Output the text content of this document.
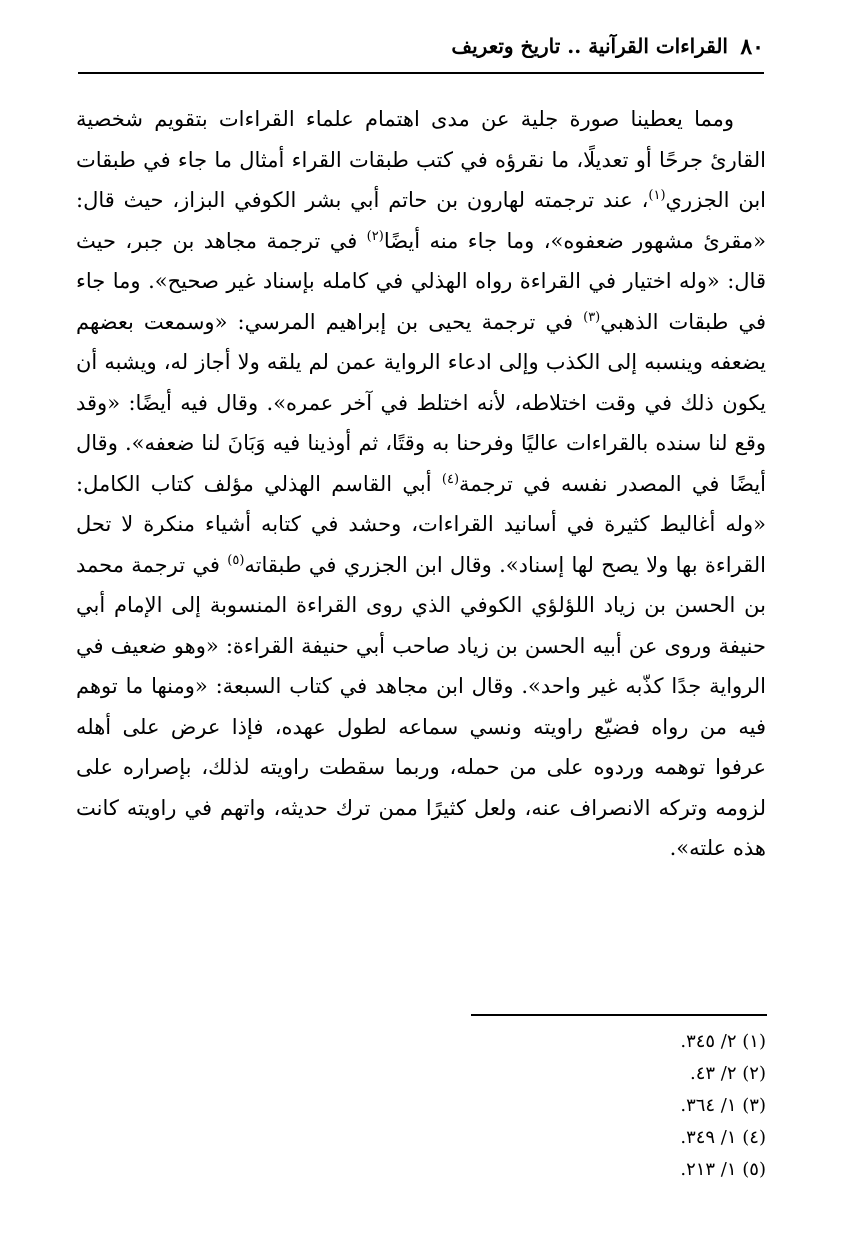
٨٠
القراءات القرآنية .. تاريخ وتعريف

ومما يعطينا صورة جلية عن مدى اهتمام علماء القراءات بتقويم شخصية القارئ جرحًا أو تعديلًا، ما نقرؤه في كتب طبقات القراء أمثال ما جاء في طبقات ابن الجزري$^{(١)}$، عند ترجمته لهارون بن حاتم أبي بشر الكوفي البزاز، حيث قال: «مقرئ مشهور ضعفوه»، وما جاء منه أيضًا$^{(٢)}$ في ترجمة مجاهد بن جبر، حيث قال: «وله اختيار في القراءة رواه الهذلي في كامله بإسناد غير صحيح». وما جاء في طبقات الذهبي$^{(٣)}$ في ترجمة يحيى بن إبراهيم المرسي: «وسمعت بعضهم يضعفه وينسبه إلى الكذب وإلى ادعاء الرواية عمن لم يلقه ولا أجاز له، ويشبه أن يكون ذلك في وقت اختلاطه، لأنه اختلط في آخر عمره». وقال فيه أيضًا: «وقد وقع لنا سنده بالقراءات عاليًا وفرحنا به وقتًا، ثم أوذينا فيه وَبَانَ لنا ضعفه». وقال أيضًا في المصدر نفسه في ترجمة$^{(٤)}$ أبي القاسم الهذلي مؤلف كتاب الكامل: «وله أغاليط كثيرة في أسانيد القراءات، وحشد في كتابه أشياء منكرة لا تحل القراءة بها ولا يصح لها إسناد». وقال ابن الجزري في طبقاته$^{(٥)}$ في ترجمة محمد بن الحسن بن زياد اللؤلؤي الكوفي الذي روى القراءة المنسوبة إلى الإمام أبي حنيفة وروى عن أبيه الحسن بن زياد صاحب أبي حنيفة القراءة: «وهو ضعيف في الرواية جدًا كذّبه غير واحد». وقال ابن مجاهد في كتاب السبعة: «ومنها ما توهم فيه من رواه فضيّع راويته ونسي سماعه لطول عهده، فإذا عرض على أهله عرفوا توهمه وردوه على من حمله، وربما سقطت راويته لذلك، بإصراره على لزومه وتركه الانصراف عنه، ولعل كثيرًا ممن ترك حديثه، واتهم في راويته كانت هذه علته».

(١) ٢/ ٣٤٥.
(٢) ٢/ ٤٣.
(٣) ١/ ٣٦٤.
(٤) ١/ ٣٤٩.
(٥) ١/ ٢١٣.
